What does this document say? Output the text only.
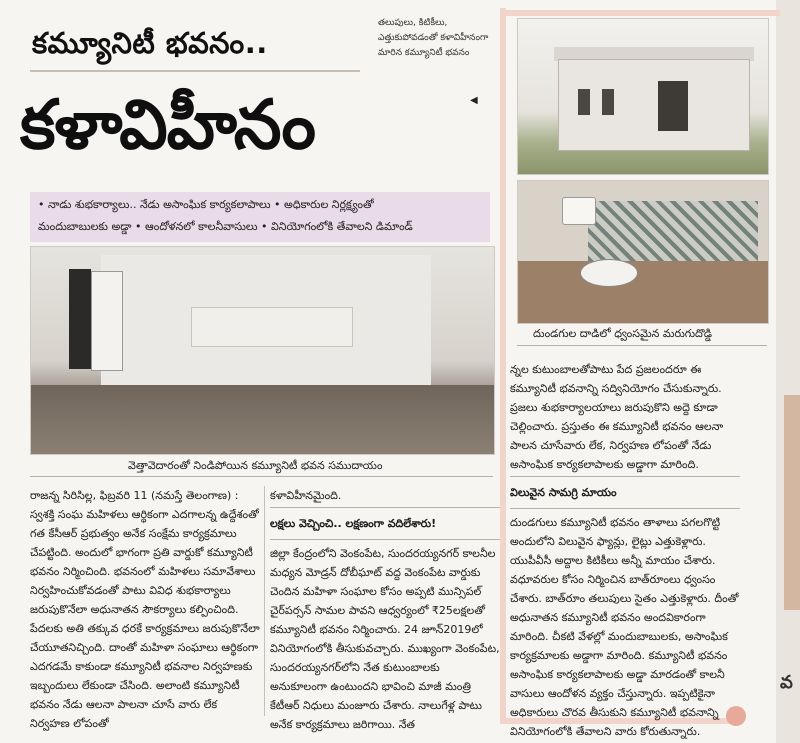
వ
కమ్యూనిటీ భవనం..
కళావిహీనం
తలుపులు, కిటికీలు, ఎత్తుకుపోవడంతో కళావిహీనంగా మారిన కమ్యూనిటీ భవనం
◀
• నాడు శుభకార్యాలు.. నేడు అసాంఘిక కార్యకలాపాలు • అధికారుల నిర్లక్ష్యంతో
మందుబాబులకు అడ్డా • ఆందోళనలో కాలనీవాసులు • వినియోగంలోకి తేవాలని డిమాండ్
వెత్తావెదారంతో నిండిపోయిన కమ్యూనిటీ భవన సముదాయం
దుండగుల దాడిలో ధ్వంసమైన మరుగుదొడ్డి

రాజన్న సిరిసిల్ల, ఫిబ్రవరి 11 (నమస్తే తెలంగాణ) : స్వశక్తి సంఘ మహిళలు ఆర్థికంగా ఎదగాలన్న ఉద్దేశంతో గత కేసీఆర్ ప్రభుత్వం అనేక సంక్షేమ కార్యక్రమాలు చేపట్టింది. అందులో భాగంగా ప్రతి వార్డుకో కమ్యూనిటీ భవనం నిర్మించింది. భవనంలో మహిళలు సమావేశాలు నిర్వహించుకోవడంతో పాటు వివిధ శుభకార్యాలు జరుపుకొనేలా అధునాతన సౌకర్యాలు కల్పించింది. పేదలకు అతి తక్కువ ధరకే కార్యక్రమాలు జరుపుకొనేలా చేయూతనిచ్చింది. దాంతో మహిళా సంఘాలు ఆర్థికంగా ఎదగడమే కాకుండా కమ్యూనిటీ భవనాల నిర్వహణకు ఇబ్బందులు లేకుండా చేసింది. అలాంటి కమ్యూనిటీ భవనం నేడు ఆలనా పాలనా చూసే వారు లేక నిర్వహణ లోపంతో

కళావిహీనమైంది.

లక్షలు వెచ్చించి.. లక్షణంగా వదిలేశారు!

జిల్లా కేంద్రంలోని వెంకంపేట, సుందరయ్యనగర్ కాలనీల మధ్యన మోడ్రన్ దోబీఘాట్ వద్ద వెంకంపేట వార్డుకు చెందిన మహిళా సంఘాల కోసం అప్పటి మున్సిపల్ చైర్‌పర్సన్ సామల పావని ఆధ్వర్యంలో ₹25లక్షలతో కమ్యూనిటీ భవనం నిర్మించారు. 24 జూన్2019లో వినియోగంలోకి తీసుకువచ్చారు. ముఖ్యంగా వెంకంపేట, సుందరయ్యనగర్‌లోని నేత కుటుంబాలకు అనుకూలంగా ఉంటుందని భావించి మాజీ మంత్రి కేటీఆర్ నిధులు మంజూరు చేశారు. నాలుగేళ్ల పాటు అనేక కార్యక్రమాలు జరిగాయి. నేత

న్నల కుటుంబాలతోపాటు పేద ప్రజలందరూ ఈ కమ్యూనిటీ భవనాన్ని సద్వినియోగం చేసుకున్నారు. ప్రజలు శుభకార్యాలయాలు జరుపుకొని అద్దె కూడా చెల్లించారు. ప్రస్తుతం ఈ కమ్యూనిటీ భవనం ఆలనా పాలన చూసేవారు లేక, నిర్వహణ లోపంతో నేడు అసాంఘిక కార్యకలాపాలకు అడ్డాగా మారింది.

విలువైన సామగ్రి మాయం

దుండగులు కమ్యూనిటీ భవనం తాళాలు పగలగొట్టి అందులోని విలువైన ఫ్యాన్లు, లైట్లు ఎత్తుకెళ్లారు. యుపీవీసీ అద్దాల కిటికీలు అన్నీ మాయం చేశారు. వధూవరుల కోసం నిర్మించిన బాత్‌రూంలు ధ్వంసం చేశారు. బాత్‌రూం తలుపులు సైతం ఎత్తుకెళ్లారు. దీంతో అధునాతన కమ్యూనిటీ భవనం అందవికారంగా మారింది. చీకటి వేళల్లో మందుబాబులకు, అసాంఘిక కార్యక్రమాలకు అడ్డాగా మారింది. కమ్యూనిటీ భవనం అసాంఘిక కార్యకలాపాలకు అడ్డా మారడంతో కాలనీ వాసులు ఆందోళన వ్యక్తం చేస్తున్నారు. ఇప్పటికైనా అధికారులు చొరవ తీసుకుని కమ్యూనిటీ భవనాన్ని వినియోగంలోకి తేవాలని వారు కోరుతున్నారు.
